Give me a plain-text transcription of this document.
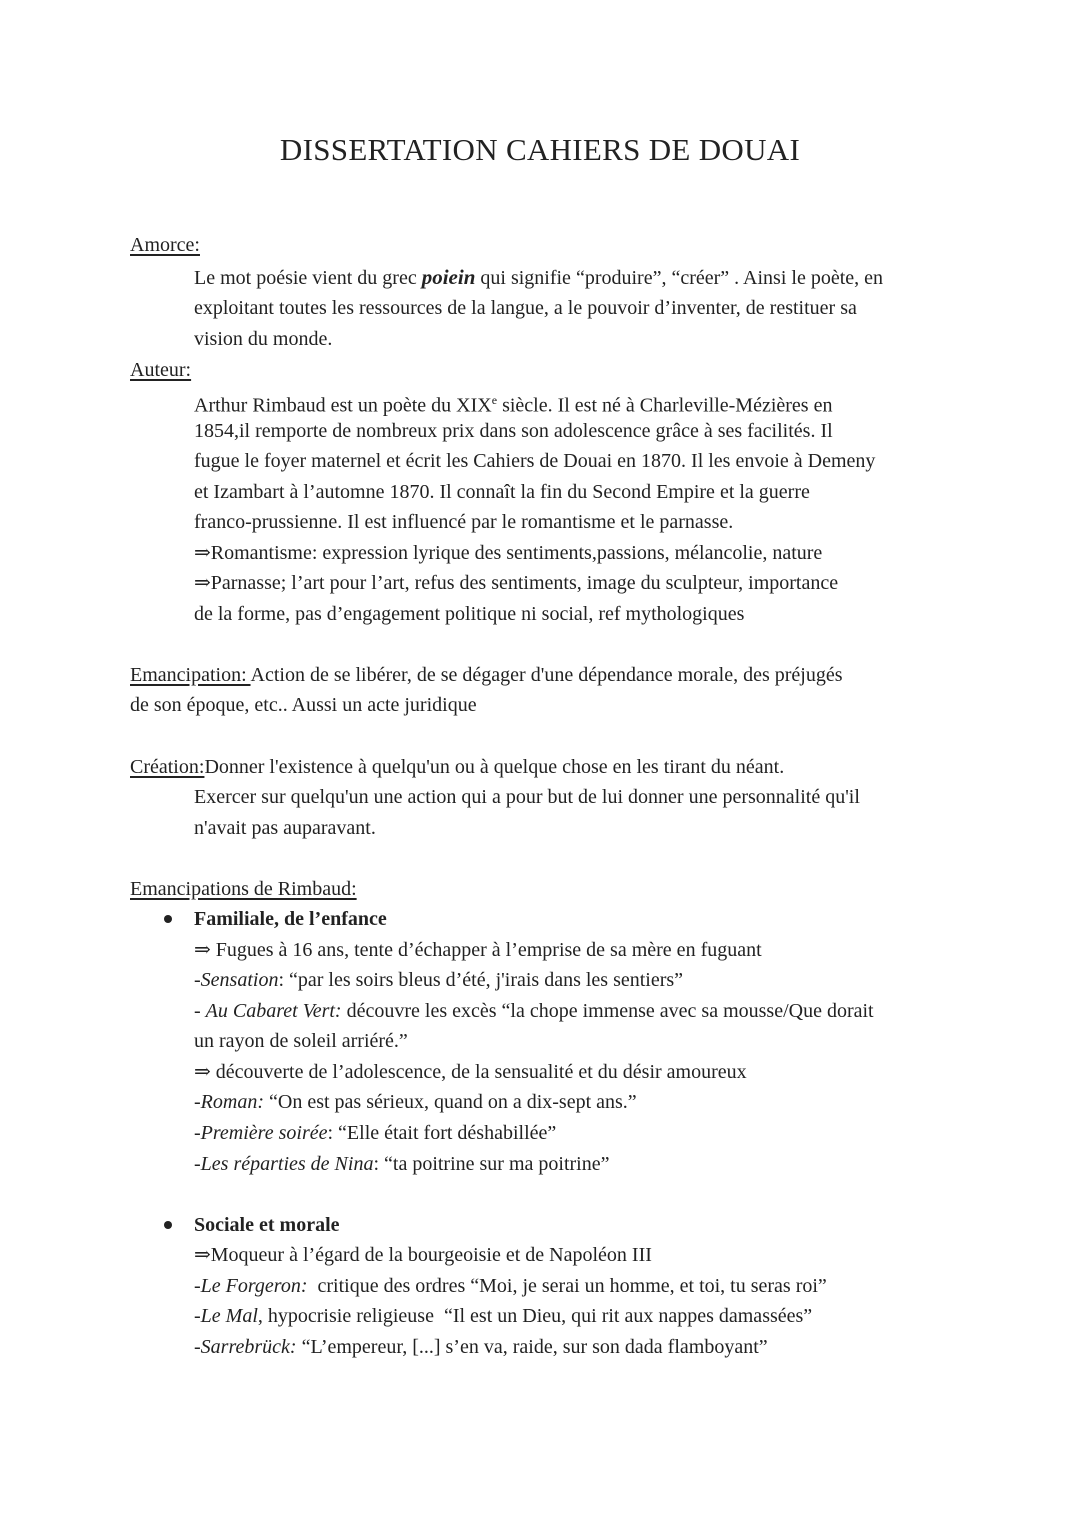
DISSERTATION CAHIERS DE DOUAI
Amorce:
Le mot poésie vient du grec poiein qui signifie “produire”, “créer” . Ainsi le poète, en
exploitant toutes les ressources de la langue, a le pouvoir d’inventer, de restituer sa
vision du monde.
Auteur:
Arthur Rimbaud est un poète du XIXe siècle. Il est né à Charleville-Mézières en
1854,il remporte de nombreux prix dans son adolescence grâce à ses facilités. Il
fugue le foyer maternel et écrit les Cahiers de Douai en 1870. Il les envoie à Demeny
et Izambart à l’automne 1870. Il connaît la fin du Second Empire et la guerre
franco-prussienne. Il est influencé par le romantisme et le parnasse.
⇒Romantisme: expression lyrique des sentiments,passions, mélancolie, nature
⇒Parnasse; l’art pour l’art, refus des sentiments, image du sculpteur, importance
de la forme, pas d’engagement politique ni social, ref mythologiques
Emancipation: Action de se libérer, de se dégager d'une dépendance morale, des préjugés
de son époque, etc.. Aussi un acte juridique
Création:Donner l'existence à quelqu'un ou à quelque chose en les tirant du néant.
Exercer sur quelqu'un une action qui a pour but de lui donner une personnalité qu'il
n'avait pas auparavant.
Emancipations de Rimbaud:
Familiale, de l’enfance
⇒ Fugues à 16 ans, tente d’échapper à l’emprise de sa mère en fuguant
-Sensation: “par les soirs bleus d’été, j'irais dans les sentiers”
- Au Cabaret Vert: découvre les excès “la chope immense avec sa mousse/Que dorait
un rayon de soleil arriéré.”
⇒ découverte de l’adolescence, de la sensualité et du désir amoureux
-Roman: “On est pas sérieux, quand on a dix-sept ans.”
-Première soirée: “Elle était fort déshabillée”
-Les réparties de Nina: “ta poitrine sur ma poitrine”
Sociale et morale
⇒Moqueur à l’égard de la bourgeoisie et de Napoléon III
-Le Forgeron:  critique des ordres “Moi, je serai un homme, et toi, tu seras roi”
-Le Mal, hypocrisie religieuse  “Il est un Dieu, qui rit aux nappes damassées”
-Sarrebrück: “L’empereur, [...] s’en va, raide, sur son dada flamboyant”
